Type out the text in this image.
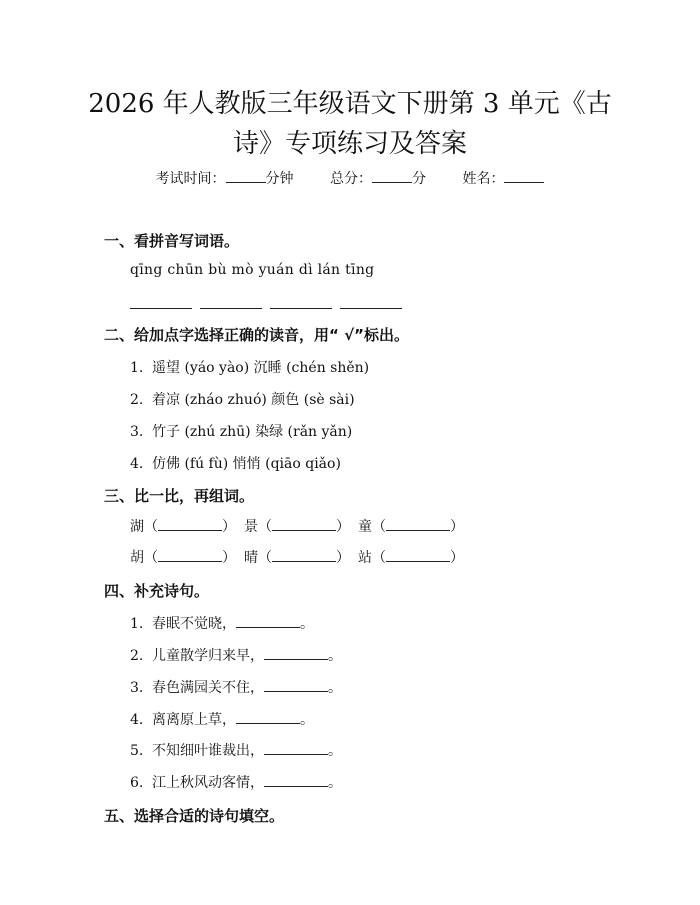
2026 年人教版三年级语文下册第 3 单元《古
诗》专项练习及答案
考试时间：	分钟	总分：	分	姓名：
一、看拼音写词语。
qīng chūn bù mò yuán dì lán tīng
二、给加点字选择正确的读音，用“ √”标出。
1. 遥望 (yáo yào) 沉睡 (chén shěn)
2. 着凉 (zháo zhuó) 颜色 (sè sài)
3. 竹子 (zhú zhū) 染绿 (rǎn yǎn)
4. 仿佛 (fú fù) 悄悄 (qiāo qiǎo)
三、比一比，再组词。
湖（	） 景（	） 童（	）
胡（	） 晴（	） 站（	）
四、补充诗句。
1. 春眠不觉晓，	。
2. 儿童散学归来早，	。
3. 春色满园关不住，	。
4. 离离原上草，	。
5. 不知细叶谁裁出，	。
6. 江上秋风动客情，	。
五、选择合适的诗句填空。
